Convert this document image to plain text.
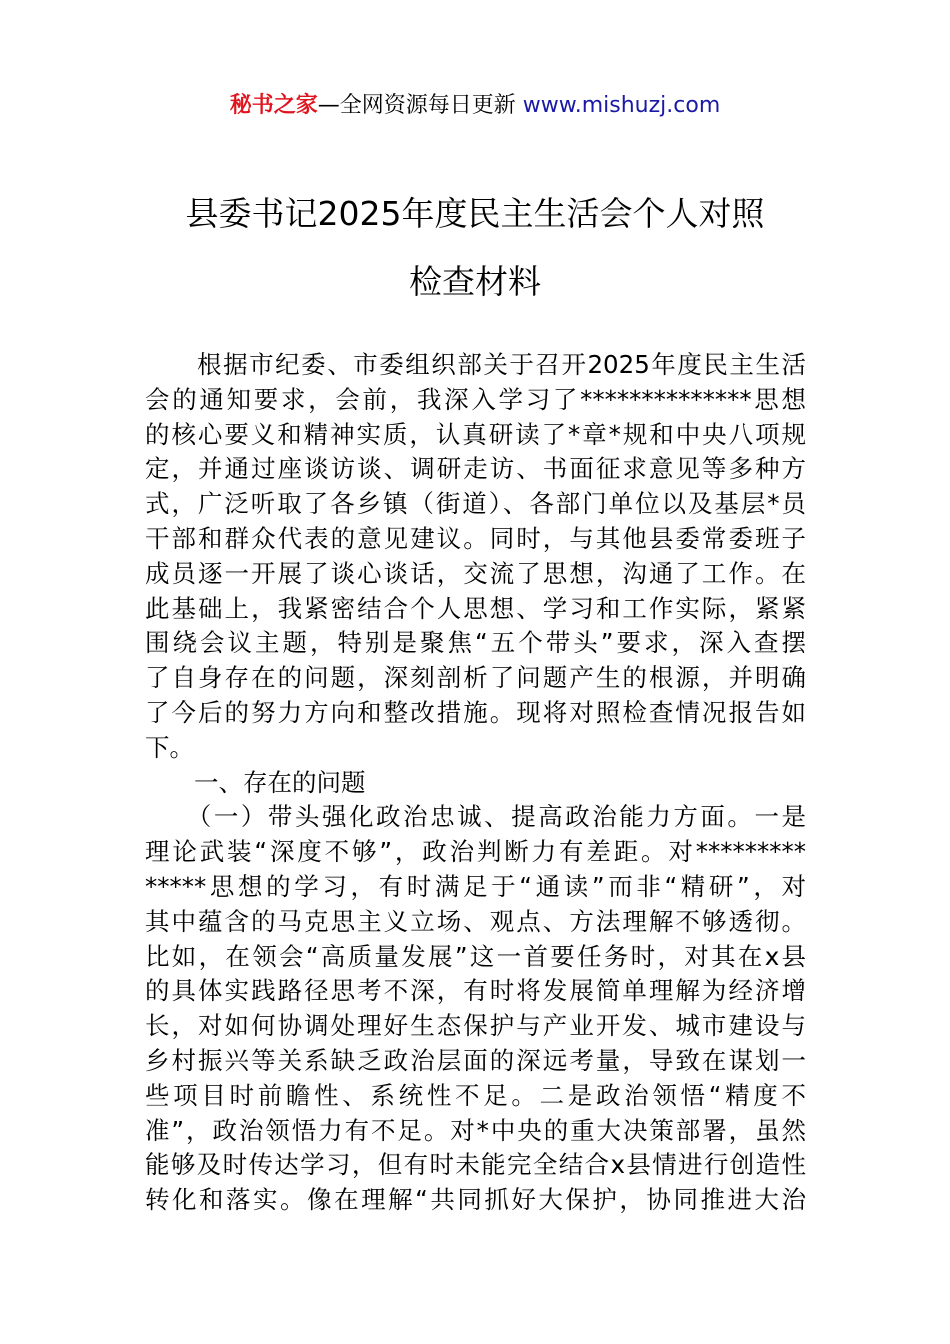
秘书之家—全网资源每日更新 www.mishuzj.com
县委书记2025年度民主生活会个人对照
检查材料
　　根据市纪委、市委组织部关于召开2025年度民主生活
会的通知要求，会前，我深入学习了**************思想
的核心要义和精神实质，认真研读了*章*规和中央八项规
定，并通过座谈访谈、调研走访、书面征求意见等多种方
式，广泛听取了各乡镇（街道）、各部门单位以及基层*员
干部和群众代表的意见建议。同时，与其他县委常委班子
成员逐一开展了谈心谈话，交流了思想，沟通了工作。在
此基础上，我紧密结合个人思想、学习和工作实际，紧紧
围绕会议主题，特别是聚焦“五个带头”要求，深入查摆
了自身存在的问题，深刻剖析了问题产生的根源，并明确
了今后的努力方向和整改措施。现将对照检查情况报告如
下。
　　一、存在的问题
　　（一）带头强化政治忠诚、提高政治能力方面。一是
理论武装“深度不够”，政治判断力有差距。对*********
*****思想的学习，有时满足于“通读”而非“精研”，对
其中蕴含的马克思主义立场、观点、方法理解不够透彻。
比如，在领会“高质量发展”这一首要任务时，对其在x县
的具体实践路径思考不深，有时将发展简单理解为经济增
长，对如何协调处理好生态保护与产业开发、城市建设与
乡村振兴等关系缺乏政治层面的深远考量，导致在谋划一
些项目时前瞻性、系统性不足。二是政治领悟“精度不
准”，政治领悟力有不足。对*中央的重大决策部署，虽然
能够及时传达学习，但有时未能完全结合x县情进行创造性
转化和落实。像在理解“共同抓好大保护，协同推进大治
